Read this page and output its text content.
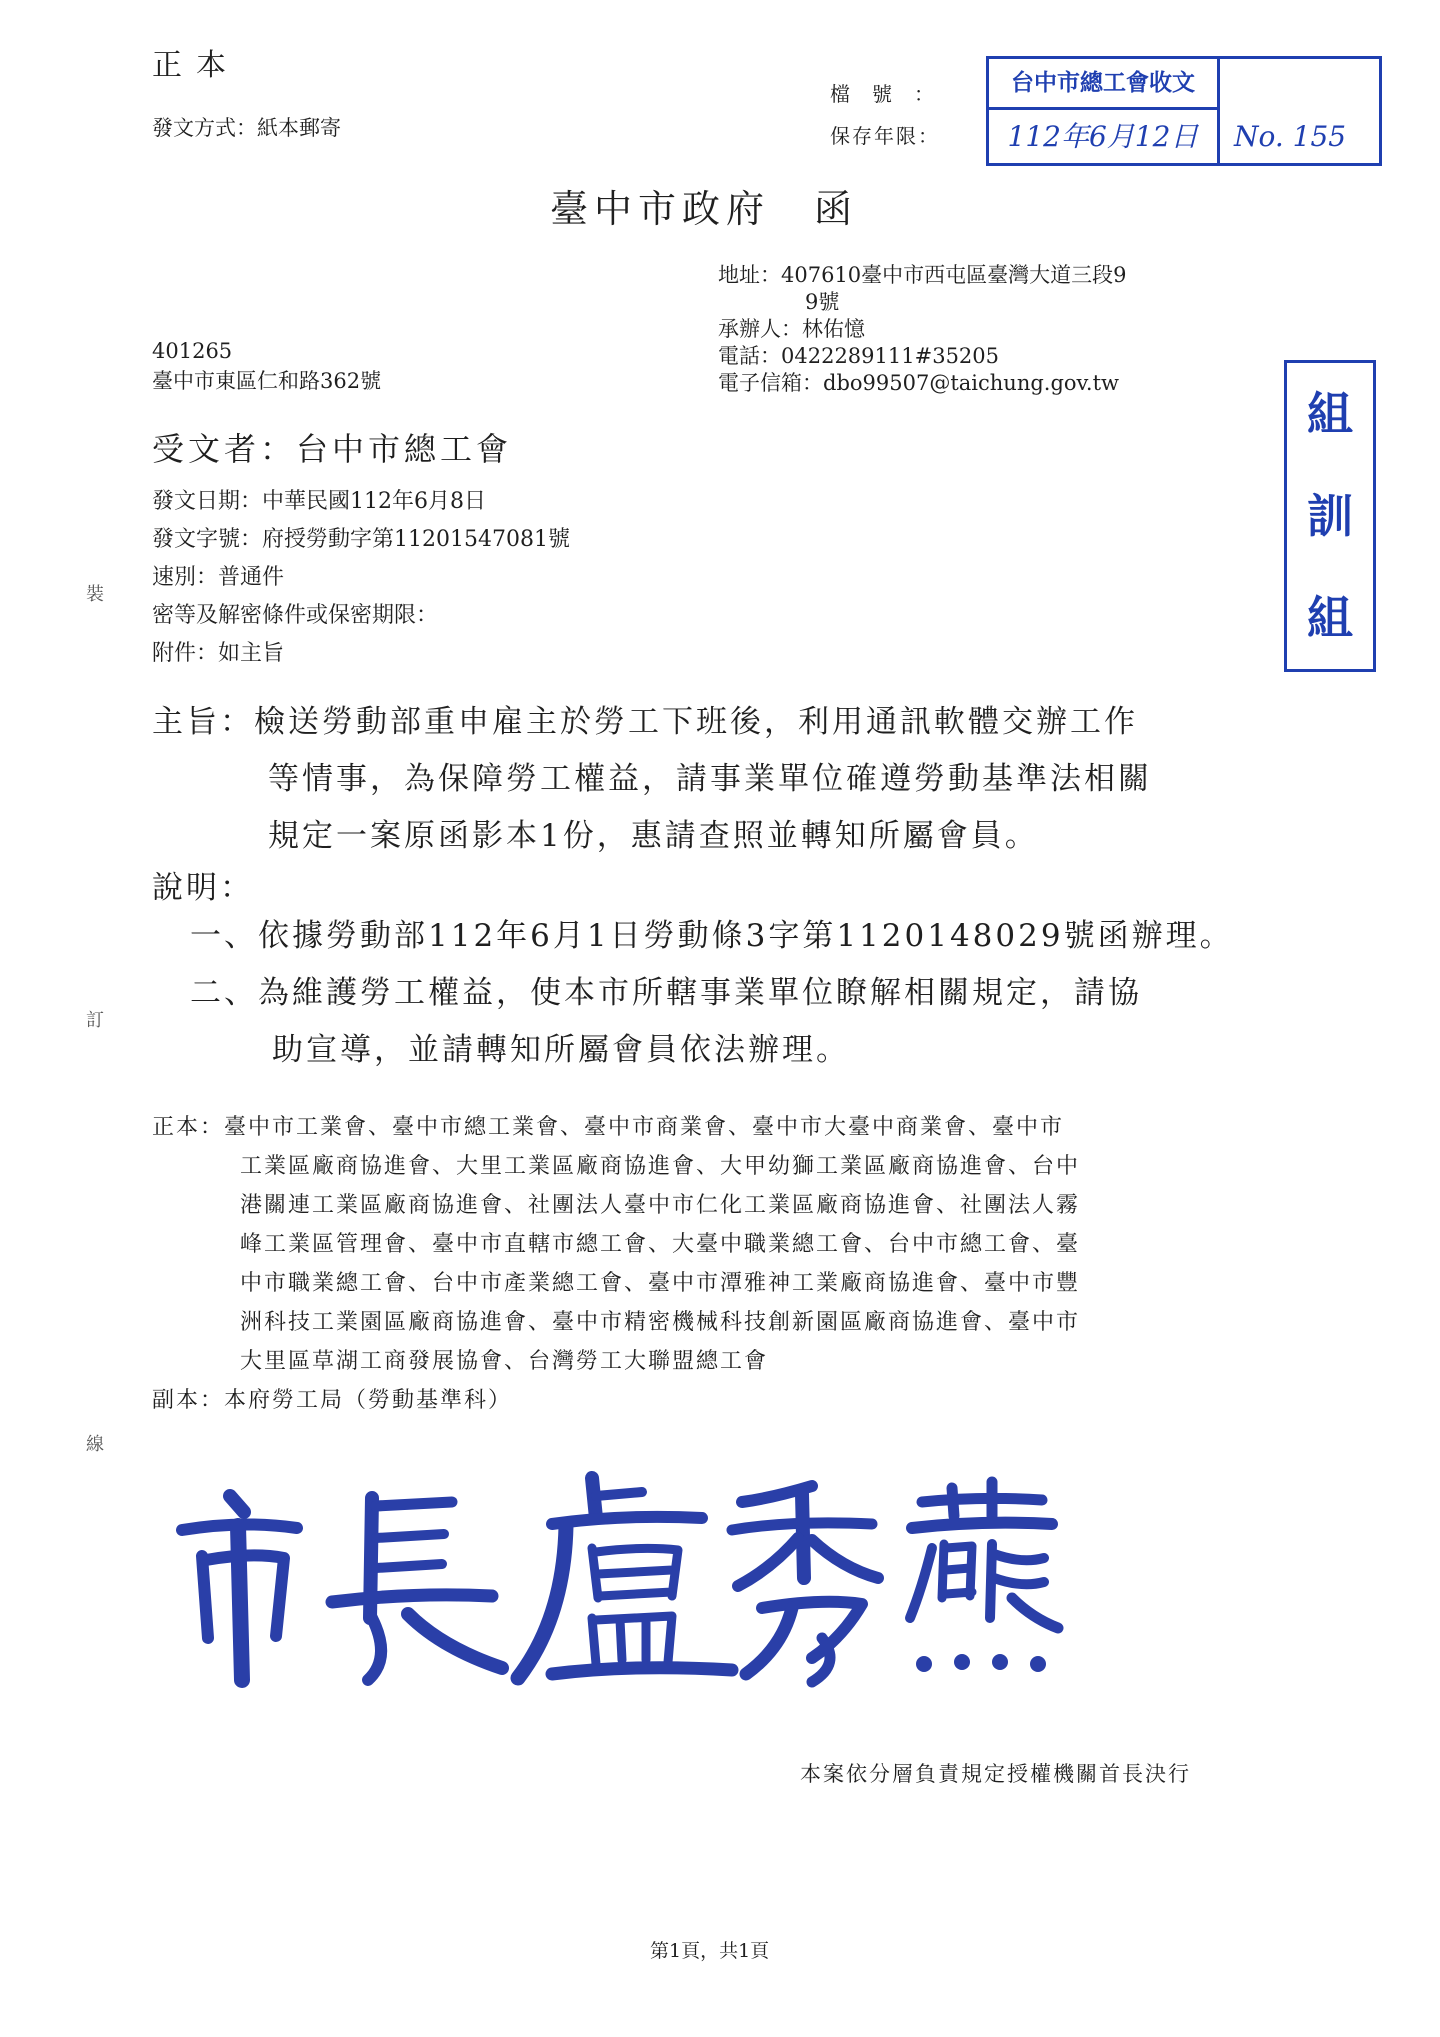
正本
發文方式：紙本郵寄
檔號：
保存年限：
台中市總工會收文
112年6月12日	No. 155
臺中市政府　函
地址：407610臺中市西屯區臺灣大道三段9
9號
承辦人：林佑憶
電話：0422289111#35205
電子信箱：dbo99507@taichung.gov.tw
401265
臺中市東區仁和路362號
組
訓
組
受文者：台中市總工會
發文日期：中華民國112年6月8日
發文字號：府授勞動字第11201547081號
速別：普通件
密等及解密條件或保密期限：
附件：如主旨
主旨：檢送勞動部重申雇主於勞工下班後，利用通訊軟體交辦工作
等情事，為保障勞工權益，請事業單位確遵勞動基準法相關
規定一案原函影本1份，惠請查照並轉知所屬會員。
說明：
一、依據勞動部112年6月1日勞動條3字第1120148029號函辦理。
二、為維護勞工權益，使本市所轄事業單位瞭解相關規定，請協
助宣導，並請轉知所屬會員依法辦理。
正本：臺中市工業會、臺中市總工業會、臺中市商業會、臺中市大臺中商業會、臺中市
工業區廠商協進會、大里工業區廠商協進會、大甲幼獅工業區廠商協進會、台中
港關連工業區廠商協進會、社團法人臺中市仁化工業區廠商協進會、社團法人霧
峰工業區管理會、臺中市直轄市總工會、大臺中職業總工會、台中市總工會、臺
中市職業總工會、台中市產業總工會、臺中市潭雅神工業廠商協進會、臺中市豐
洲科技工業園區廠商協進會、臺中市精密機械科技創新園區廠商協進會、臺中市
大里區草湖工商發展協會、台灣勞工大聯盟總工會
副本：本府勞工局（勞動基準科）
裝
訂
線
本案依分層負責規定授權機關首長決行
第1頁，共1頁
